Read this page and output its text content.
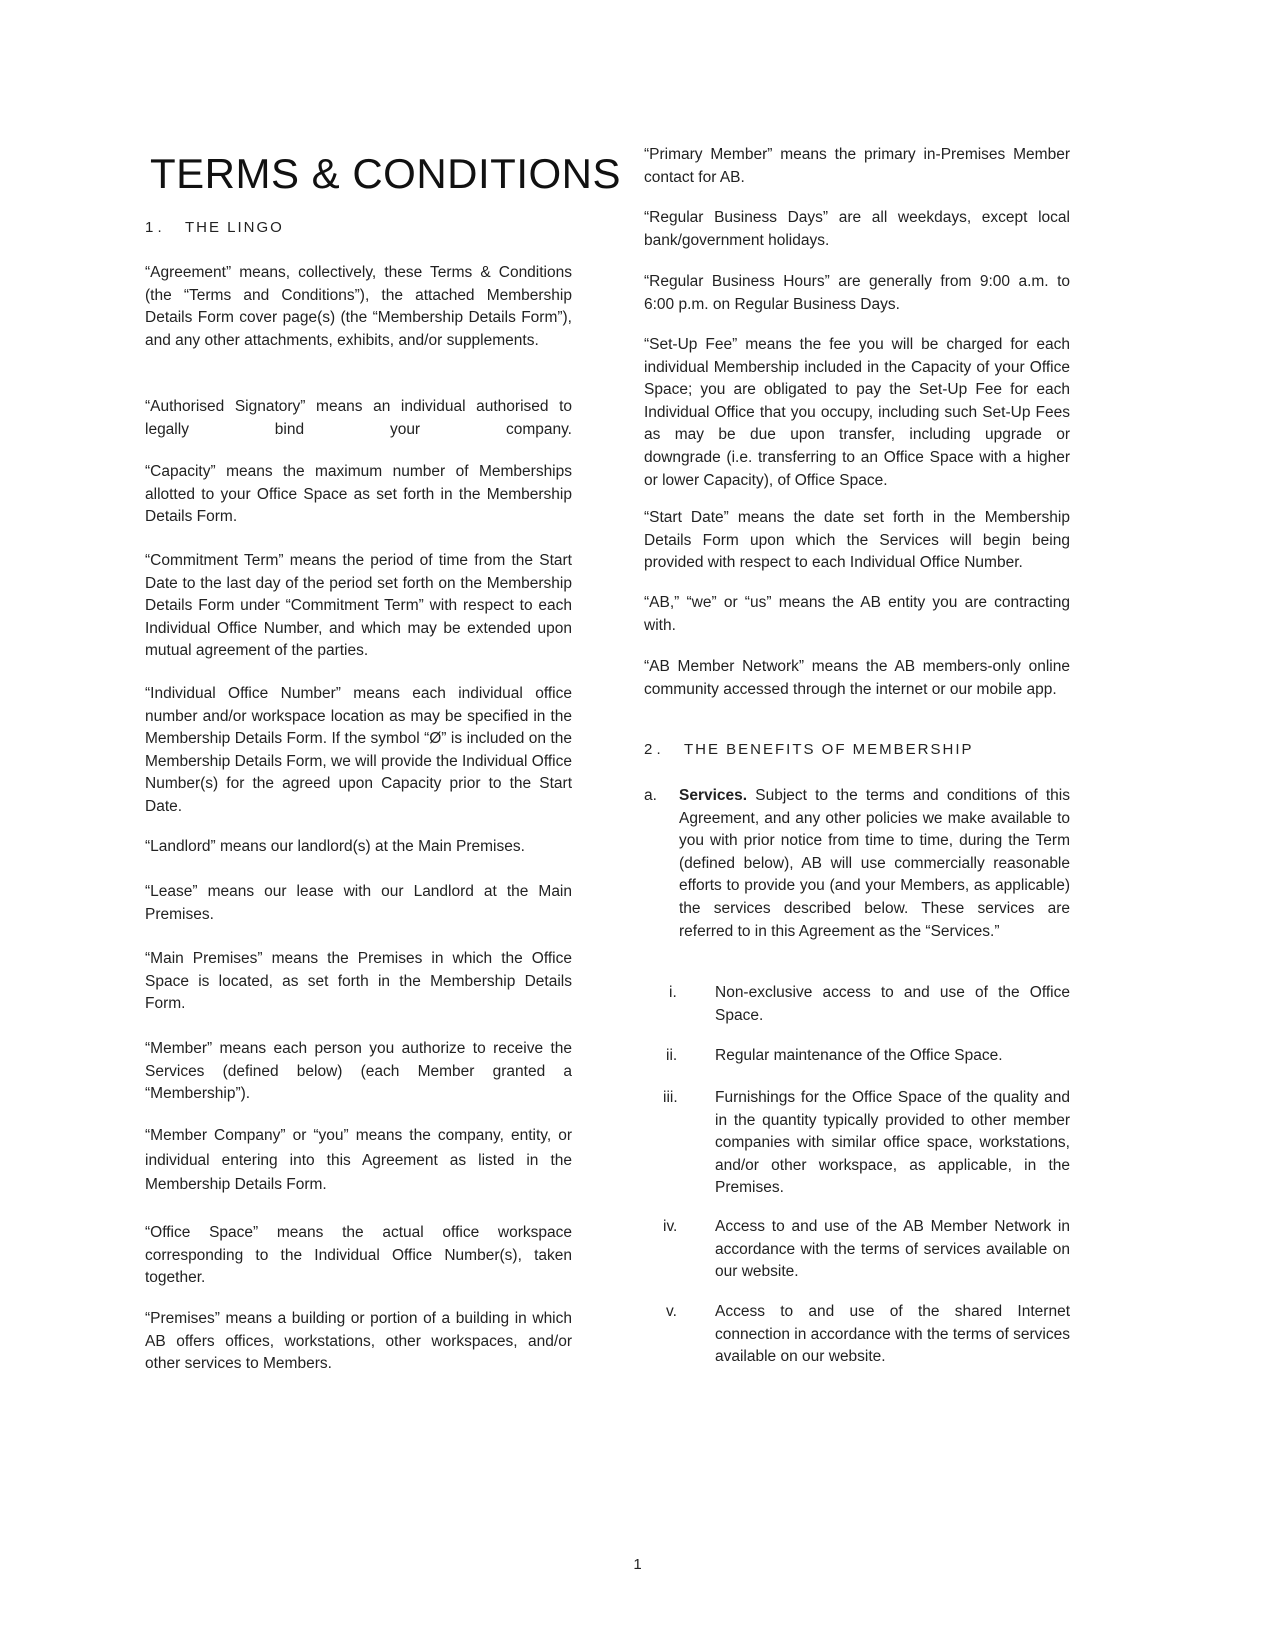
TERMS & CONDITIONS
1 . THE LINGO

“Agreement” means, collectively, these Terms & Conditions (the “Terms and Conditions”), the attached Membership Details Form cover page(s) (the “Membership Details Form”), and any other attachments, exhibits, and/or supplements.

“Authorised Signatory” means an individual authorised to legally bind your company.

“Capacity” means the maximum number of Memberships allotted to your Office Space as set forth in the Membership Details Form.

“Commitment Term” means the period of time from the Start Date to the last day of the period set forth on the Membership Details Form under “Commitment Term” with respect to each Individual Office Number, and which may be extended upon mutual agreement of the parties.

“Individual Office Number” means each individual office number and/or workspace location as may be specified in the Membership Details Form. If the symbol “Ø” is included on the Membership Details Form, we will provide the Individual Office Number(s) for the agreed upon Capacity prior to the Start Date.

“Landlord” means our landlord(s) at the Main Premises.

“Lease” means our lease with our Landlord at the Main Premises.

“Main Premises” means the Premises in which the Office Space is located, as set forth in the Membership Details Form.

“Member” means each person you authorize to receive the Services (defined below) (each Member granted a “Membership”).

“Member Company” or “you” means the company, entity, or individual entering into this Agreement as listed in the Membership Details Form.

“Office Space” means the actual office workspace corresponding to the Individual Office Number(s), taken together.

“Premises” means a building or portion of a building in which AB offers offices, workstations, other workspaces, and/or other services to Members.

“Primary Member” means the primary in-Premises Member contact for AB.

“Regular Business Days” are all weekdays, except local bank/government holidays.

“Regular Business Hours” are generally from 9:00 a.m. to 6:00 p.m. on Regular Business Days.

“Set-Up Fee” means the fee you will be charged for each individual Membership included in the Capacity of your Office Space; you are obligated to pay the Set-Up Fee for each Individual Office that you occupy, including such Set-Up Fees as may be due upon transfer, including upgrade or downgrade (i.e. transferring to an Office Space with a higher or lower Capacity), of Office Space.

“Start Date” means the date set forth in the Membership Details Form upon which the Services will begin being provided with respect to each Individual Office Number.

“AB,” “we” or “us” means the AB entity you are contracting with.

“AB Member Network” means the AB members-only online community accessed through the internet or our mobile app.

2 . THE BENEFITS OF MEMBERSHIP
a. Services. Subject to the terms and conditions of this Agreement, and any other policies we make available to you with prior notice from time to time, during the Term (defined below), AB will use commercially reasonable efforts to provide you (and your Members, as applicable) the services described below. These services are referred to in this Agreement as the “Services.”

i. Non-exclusive access to and use of the Office Space.

ii. Regular maintenance of the Office Space.

iii. Furnishings for the Office Space of the quality and in the quantity typically provided to other member companies with similar office space, workstations, and/or other workspace, as applicable, in the Premises.

iv. Access to and use of the AB Member Network in accordance with the terms of services available on our website.

v. Access to and use of the shared Internet connection in accordance with the terms of services available on our website.

1
